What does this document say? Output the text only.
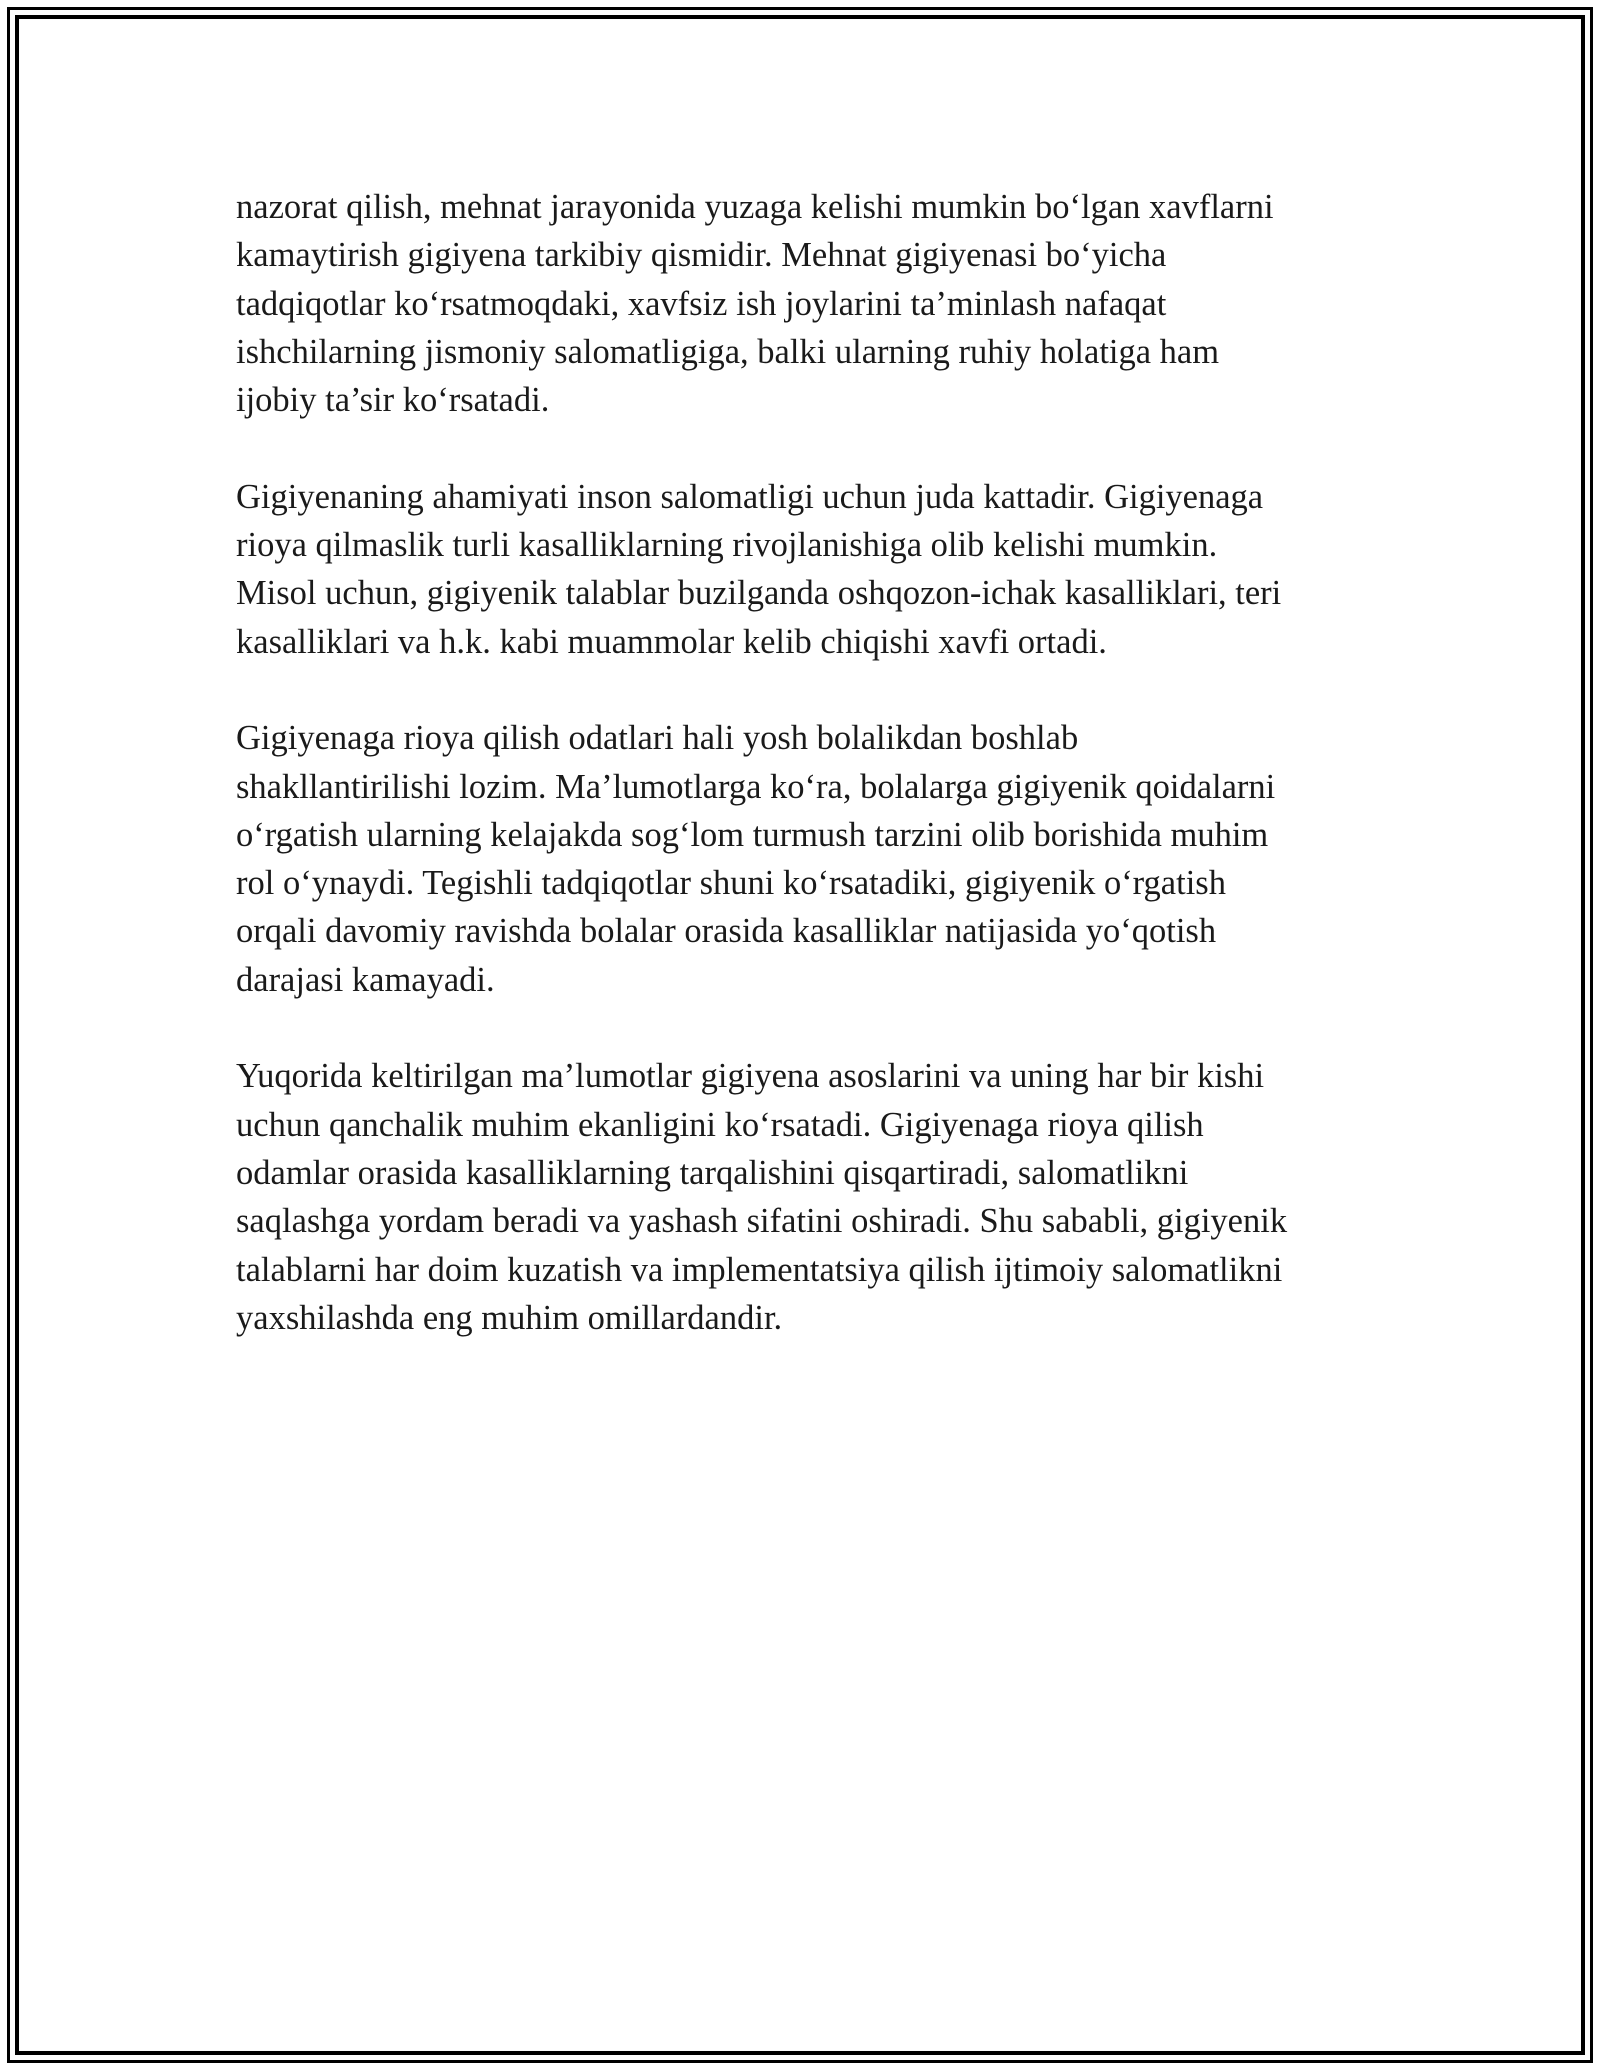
nazorat qilish, mehnat jarayonida yuzaga kelishi mumkin bo‘lgan xavflarni
kamaytirish gigiyena tarkibiy qismidir. Mehnat gigiyenasi bo‘yicha
tadqiqotlar ko‘rsatmoqdaki, xavfsiz ish joylarini ta’minlash nafaqat
ishchilarning jismoniy salomatligiga, balki ularning ruhiy holatiga ham
ijobiy ta’sir ko‘rsatadi.

Gigiyenaning ahamiyati inson salomatligi uchun juda kattadir. Gigiyenaga
rioya qilmaslik turli kasalliklarning rivojlanishiga olib kelishi mumkin.
Misol uchun, gigiyenik talablar buzilganda oshqozon-ichak kasalliklari, teri
kasalliklari va h.k. kabi muammolar kelib chiqishi xavfi ortadi.

Gigiyenaga rioya qilish odatlari hali yosh bolalikdan boshlab
shakllantirilishi lozim. Ma’lumotlarga ko‘ra, bolalarga gigiyenik qoidalarni
o‘rgatish ularning kelajakda sog‘lom turmush tarzini olib borishida muhim
rol o‘ynaydi. Tegishli tadqiqotlar shuni ko‘rsatadiki, gigiyenik o‘rgatish
orqali davomiy ravishda bolalar orasida kasalliklar natijasida yo‘qotish
darajasi kamayadi.

Yuqorida keltirilgan ma’lumotlar gigiyena asoslarini va uning har bir kishi
uchun qanchalik muhim ekanligini ko‘rsatadi. Gigiyenaga rioya qilish
odamlar orasida kasalliklarning tarqalishini qisqartiradi, salomatlikni
saqlashga yordam beradi va yashash sifatini oshiradi. Shu sababli, gigiyenik
talablarni har doim kuzatish va implementatsiya qilish ijtimoiy salomatlikni
yaxshilashda eng muhim omillardandir.
